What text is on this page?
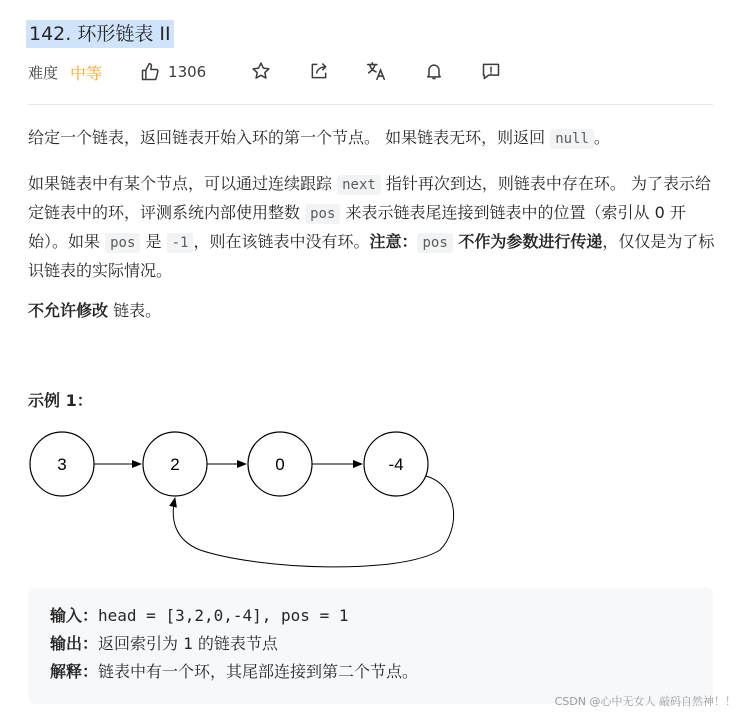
142. 环形链表 II
难度 中等	1306
给定一个链表，返回链表开始入环的第一个节点。 如果链表无环，则返回 null 。
如果链表中有某个节点，可以通过连续跟踪 next 指针再次到达，则链表中存在环。 为了表示给定链表中的环，评测系统内部使用整数 pos 来表示链表尾连接到链表中的位置（索引从 0 开始）。如果 pos 是 -1 ，则在该链表中没有环。注意： pos 不作为参数进行传递，仅仅是为了标识链表的实际情况。
不允许修改 链表。
示例 1：
3	2	0	-4
输入：head = [3,2,0,-4], pos = 1
输出：返回索引为 1 的链表节点
解释：链表中有一个环，其尾部连接到第二个节点。
CSDN @心中无女人 敲码自然神！！
